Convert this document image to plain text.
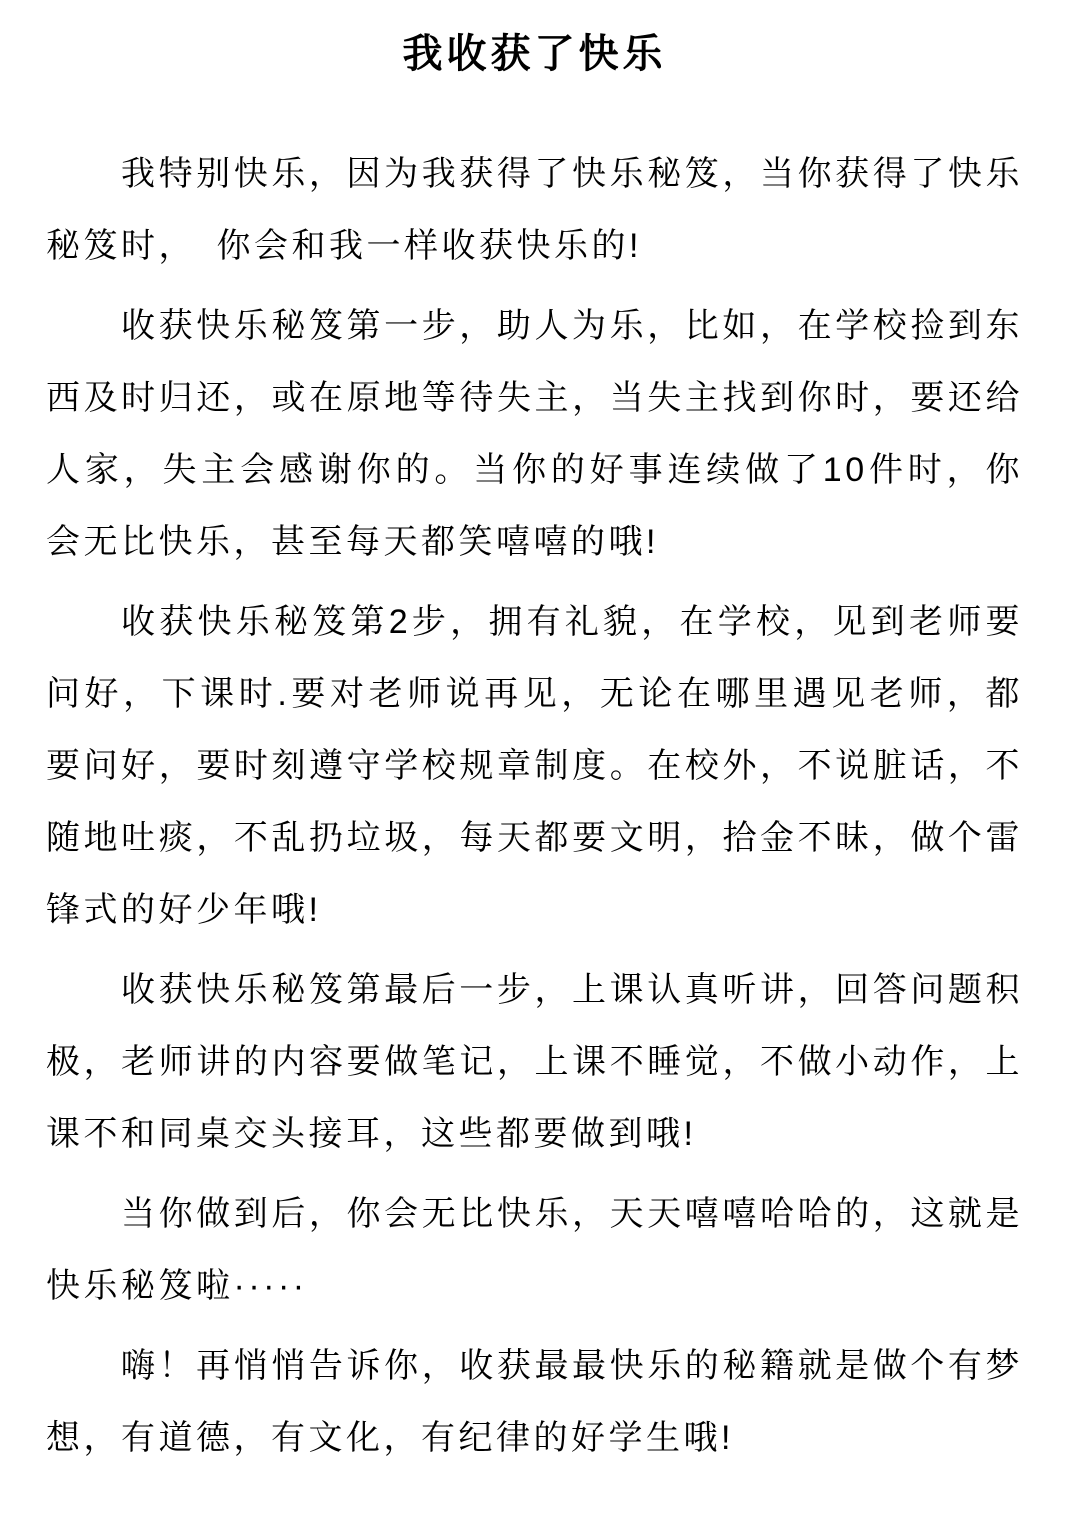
我收获了快乐

我特别快乐，因为我获得了快乐秘笈，当你获得了快乐秘笈时，　你会和我一样收获快乐的!

收获快乐秘笈第一步，助人为乐，比如，在学校捡到东西及时归还，或在原地等待失主，当失主找到你时，要还给人家，失主会感谢你的。当你的好事连续做了10件时，你会无比快乐，甚至每天都笑嘻嘻的哦!

收获快乐秘笈第2步，拥有礼貌，在学校，见到老师要问好，下课时.要对老师说再见，无论在哪里遇见老师，都要问好，要时刻遵守学校规章制度。在校外，不说脏话，不随地吐痰，不乱扔垃圾，每天都要文明，拾金不昧，做个雷锋式的好少年哦!

收获快乐秘笈第最后一步，上课认真听讲，回答问题积极，老师讲的内容要做笔记，上课不睡觉，不做小动作，上课不和同桌交头接耳，这些都要做到哦!

当你做到后，你会无比快乐，天天嘻嘻哈哈的，这就是快乐秘笈啦·····

嗨！再悄悄告诉你，收获最最快乐的秘籍就是做个有梦想，有道德，有文化，有纪律的好学生哦!
